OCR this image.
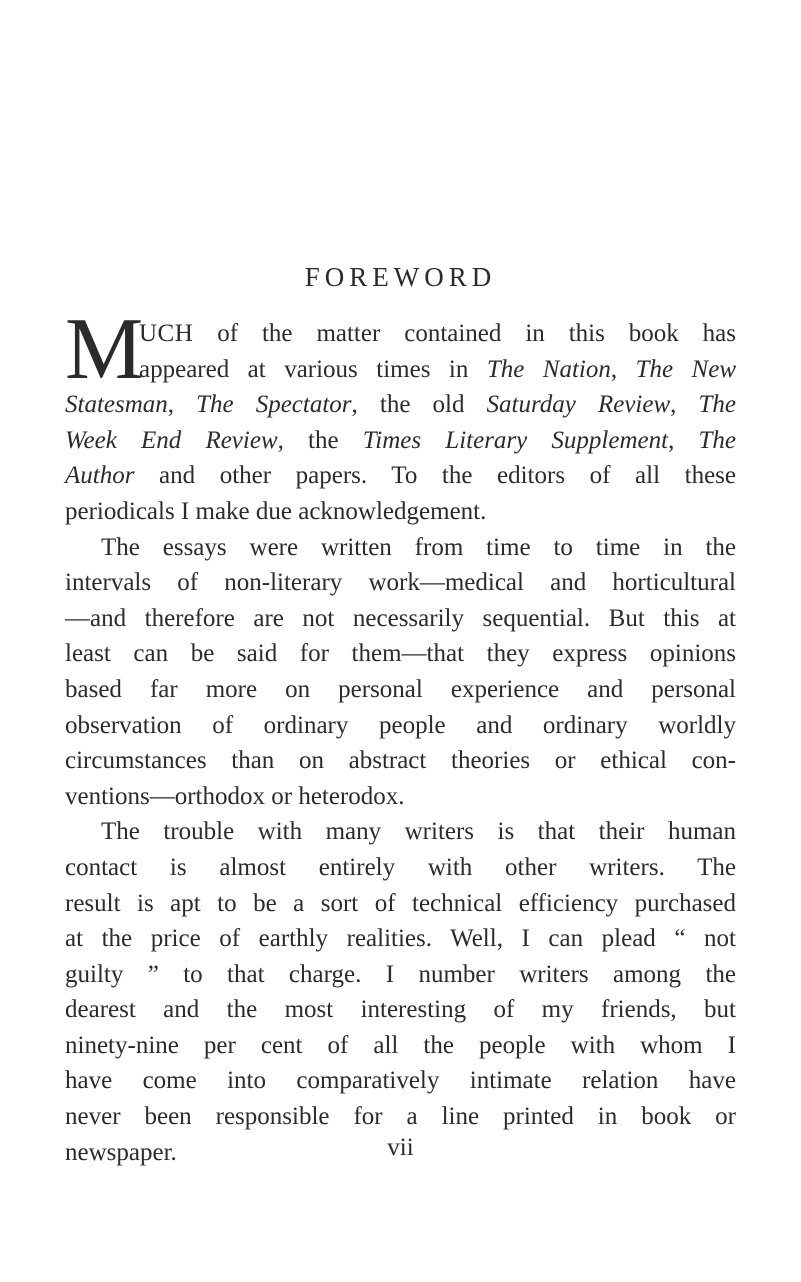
FOREWORD
M
UCH of the matter contained in this book has
appeared at various times in The Nation, The New
Statesman, The Spectator, the old Saturday Review, The
Week End Review, the Times Literary Supplement, The
Author and other papers. To the editors of all these
periodicals I make due acknowledgement.
The essays were written from time to time in the
intervals of non-literary work—medical and horticultural
—and therefore are not necessarily sequential. But this at
least can be said for them—that they express opinions
based far more on personal experience and personal
observation of ordinary people and ordinary worldly
circumstances than on abstract theories or ethical con-
ventions—orthodox or heterodox.
The trouble with many writers is that their human
contact is almost entirely with other writers. The
result is apt to be a sort of technical efficiency purchased
at the price of earthly realities. Well, I can plead “ not
guilty ” to that charge. I number writers among the
dearest and the most interesting of my friends, but
ninety-nine per cent of all the people with whom I
have come into comparatively intimate relation have
never been responsible for a line printed in book or
newspaper.	vii
